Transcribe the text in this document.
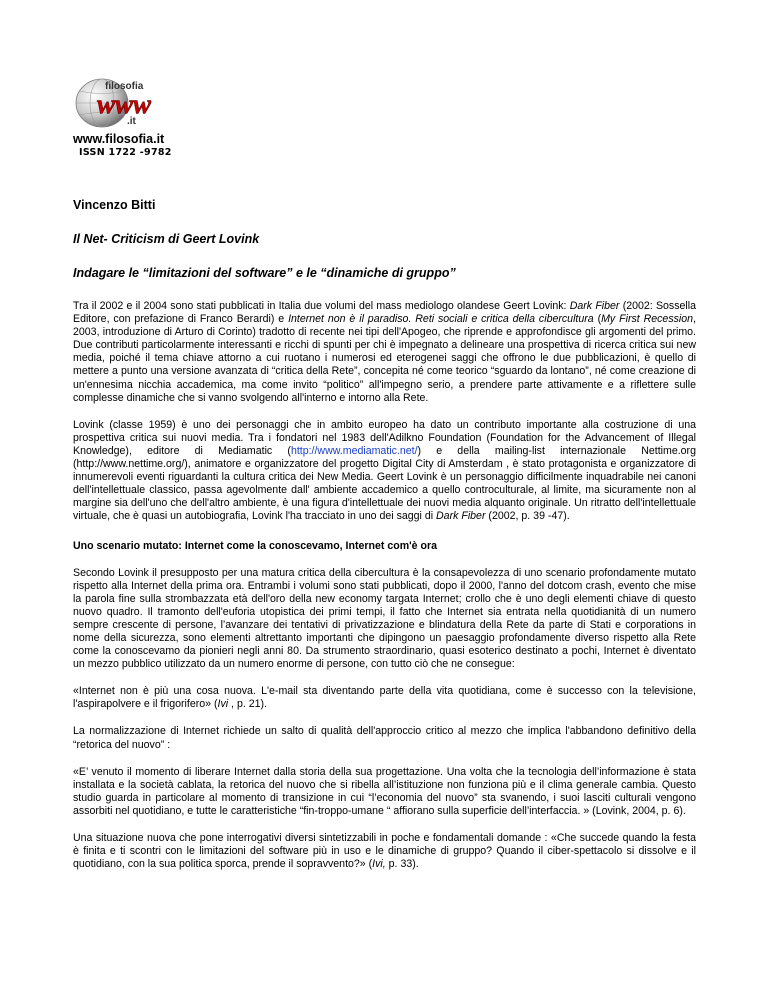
filosofia
www
.it
www.filosofia.it
ISSN 1722 -9782
Vincenzo Bitti
Il Net- Criticism di Geert Lovink
Indagare le “limitazioni del software” e le “dinamiche di gruppo”

Tra il 2002 e il 2004 sono stati pubblicati in Italia due volumi del mass mediologo olandese Geert Lovink: Dark Fiber (2002: Sossella Editore, con prefazione di Franco Berardi) e Internet non è il paradiso. Reti sociali e critica della cibercultura (My First Recession, 2003, introduzione di Arturo di Corinto) tradotto di recente nei tipi dell'Apogeo, che riprende e approfondisce gli argomenti del primo. Due contributi particolarmente interessanti e ricchi di spunti per chi è impegnato a delineare una prospettiva di ricerca critica sui new media, poiché il tema chiave attorno a cui ruotano i numerosi ed eterogenei saggi che offrono le due pubblicazioni, è quello di mettere a punto una versione avanzata di “critica della Rete”, concepita né come teorico “sguardo da lontano”, né come creazione di un'ennesima nicchia accademica, ma come invito “politico” all'impegno serio, a prendere parte attivamente e a riflettere sulle complesse dinamiche che si vanno svolgendo all'interno e intorno alla Rete.

Lovink (classe 1959) è uno dei personaggi che in ambito europeo ha dato un contributo importante alla costruzione di una prospettiva critica sui nuovi media. Tra i fondatori nel 1983 dell'Adilkno Foundation (Foundation for the Advancement of Illegal Knowledge), editore di Mediamatic (http://www.mediamatic.net/) e della mailing-list internazionale Nettime.org (http://www.nettime.org/), animatore e organizzatore del progetto Digital City di Amsterdam , è stato protagonista e organizzatore di innumerevoli eventi riguardanti la cultura critica dei New Media. Geert Lovink è un personaggio difficilmente inquadrabile nei canoni dell'intellettuale classico, passa agevolmente dall' ambiente accademico a quello controculturale, al limite, ma sicuramente non al margine sia dell'uno che dell'altro ambiente, è una figura d'intellettuale dei nuovi media alquanto originale. Un ritratto dell'intellettuale virtuale, che è quasi un autobiografia, Lovink l'ha tracciato in uno dei saggi di Dark Fiber (2002, p. 39 -47).

Uno scenario mutato: Internet come la conoscevamo, Internet com'è ora

Secondo Lovink il presupposto per una matura critica della cibercultura è la consapevolezza di uno scenario profondamente mutato rispetto alla Internet della prima ora. Entrambi i volumi sono stati pubblicati, dopo il 2000, l'anno del dotcom crash, evento che mise la parola fine sulla strombazzata età dell'oro della new economy targata Internet; crollo che è uno degli elementi chiave di questo nuovo quadro. Il tramonto dell'euforia utopistica dei primi tempi, il fatto che Internet sia entrata nella quotidianità di un numero sempre crescente di persone, l’avanzare dei tentativi di privatizzazione e blindatura della Rete da parte di Stati e corporations in nome della sicurezza, sono elementi altrettanto importanti che dipingono un paesaggio profondamente diverso rispetto alla Rete come la conoscevamo da pionieri negli anni 80. Da strumento straordinario, quasi esoterico destinato a pochi, Internet è diventato un mezzo pubblico utilizzato da un numero enorme di persone, con tutto ciò che ne consegue:

«Internet non è più una cosa nuova. L'e-mail sta diventando parte della vita quotidiana, come è successo con la televisione, l'aspirapolvere e il frigorifero» (Ivi , p. 21).

La normalizzazione di Internet richiede un salto di qualità dell'approccio critico al mezzo che implica l'abbandono definitivo della “retorica del nuovo” :

«E’ venuto il momento di liberare Internet dalla storia della sua progettazione. Una volta che la tecnologia dell’informazione è stata installata e la società cablata, la retorica del nuovo che si ribella all’istituzione non funziona più e il clima generale cambia. Questo studio guarda in particolare al momento di transizione in cui “l’economia del nuovo” sta svanendo, i suoi lasciti culturali vengono assorbiti nel quotidiano, e tutte le caratteristiche “fin-troppo-umane “ affiorano sulla superficie dell’interfaccia. » (Lovink, 2004, p. 6).

Una situazione nuova che pone interrogativi diversi sintetizzabili in poche e fondamentali domande : «Che succede quando la festa è finita e ti scontri con le limitazioni del software più in uso e le dinamiche di gruppo? Quando il ciber-spettacolo si dissolve e il quotidiano, con la sua politica sporca, prende il sopravvento?» (Ivi, p. 33).
